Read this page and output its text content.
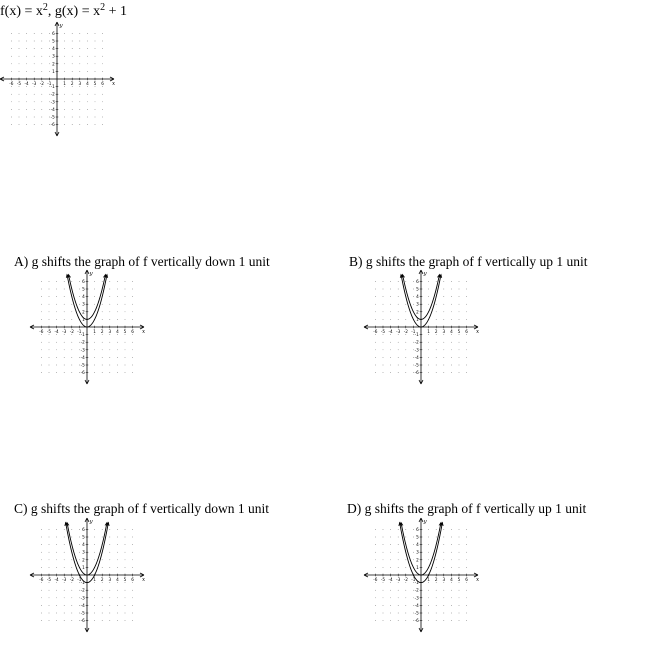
$f(x) = x^2$, $g(x) = x^2 + 1$
-6 -5 -4 -3 -2 -1	1 2 3 4 5 6
6
5
4
3
2
1
-1
-2
-3
-4
-5
-6
x
y
A) g shifts the graph of f vertically down 1 unit
-6 -5 -4 -3 -2 -1	1 2 3 4 5 6
6
5
4
3
2
1
-1
-2
-3
-4
-5
-6
x
y
B) g shifts the graph of f vertically up 1 unit
-6 -5 -4 -3 -2 -1	1 2 3 4 5 6
6
5
4
3
2
1
-1
-2
-3
-4
-5
-6
x
y
C) g shifts the graph of f vertically down 1 unit
-6 -5 -4 -3 -2 -1	1 2 3 4 5 6
6
5
4
3
2
1
-1
-2
-3
-4
-5
-6
x
y
D) g shifts the graph of f vertically up 1 unit
-6 -5 -4 -3 -2 -1	1 2 3 4 5 6
6
5
4
3
2
1
-1
-2
-3
-4
-5
-6
x
y
